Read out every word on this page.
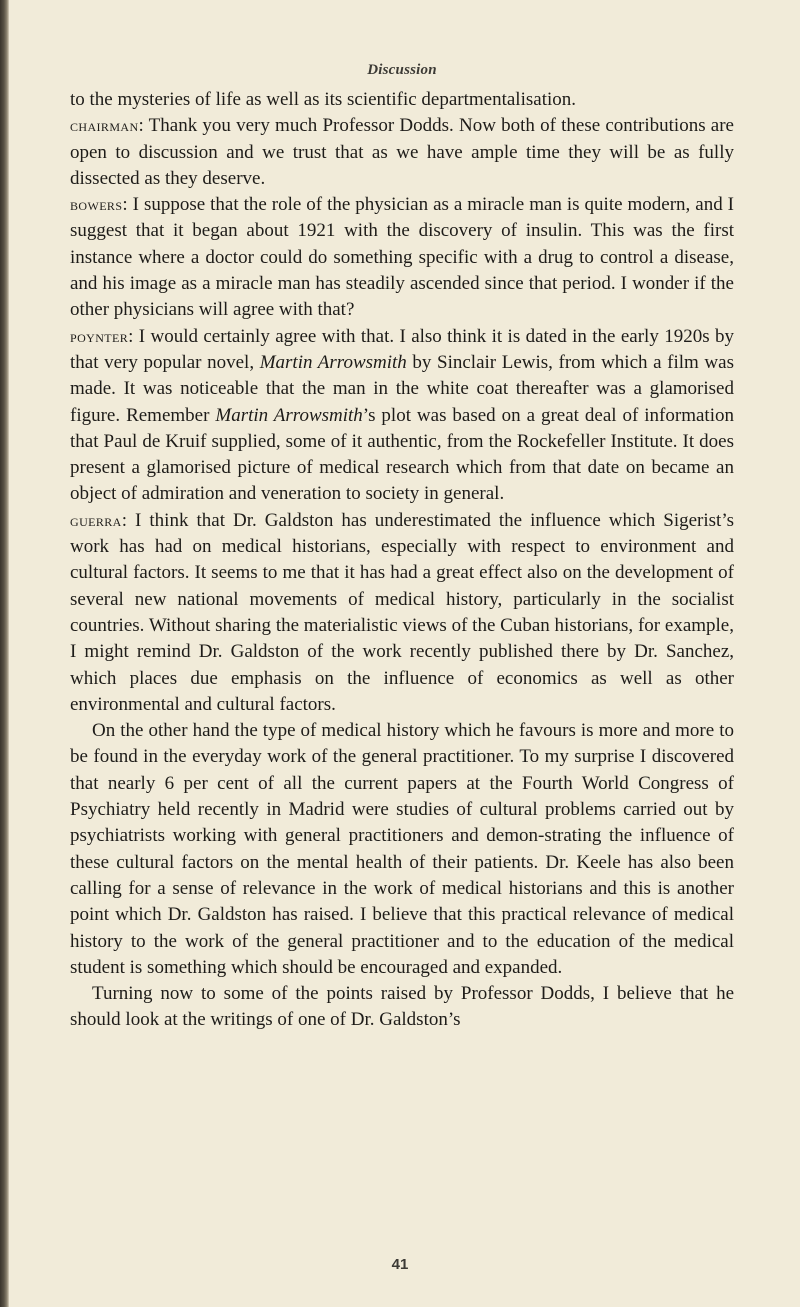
Discussion

to the mysteries of life as well as its scientific departmentalisation.

chairman: Thank you very much Professor Dodds. Now both of these contributions are open to discussion and we trust that as we have ample time they will be as fully dissected as they deserve.

bowers: I suppose that the role of the physician as a miracle man is quite modern, and I suggest that it began about 1921 with the discovery of insulin. This was the first instance where a doctor could do something specific with a drug to control a disease, and his image as a miracle man has steadily ascended since that period. I wonder if the other physicians will agree with that?

poynter: I would certainly agree with that. I also think it is dated in the early 1920s by that very popular novel, Martin Arrowsmith by Sinclair Lewis, from which a film was made. It was noticeable that the man in the white coat thereafter was a glamorised figure. Remember Martin Arrowsmith’s plot was based on a great deal of information that Paul de Kruif supplied, some of it authentic, from the Rockefeller Institute. It does present a glamorised picture of medical research which from that date on became an object of admiration and veneration to society in general.

guerra: I think that Dr. Galdston has underestimated the influence which Sigerist’s work has had on medical historians, especially with respect to environment and cultural factors. It seems to me that it has had a great effect also on the development of several new national movements of medical history, particularly in the socialist countries. Without sharing the materialistic views of the Cuban historians, for example, I might remind Dr. Galdston of the work recently published there by Dr. Sanchez, which places due emphasis on the influence of economics as well as other environmental and cultural factors.

On the other hand the type of medical history which he favours is more and more to be found in the everyday work of the general practitioner. To my surprise I discovered that nearly 6 per cent of all the current papers at the Fourth World Congress of Psychiatry held recently in Madrid were studies of cultural problems carried out by psychiatrists working with general practitioners and demon-strating the influence of these cultural factors on the mental health of their patients. Dr. Keele has also been calling for a sense of relevance in the work of medical historians and this is another point which Dr. Galdston has raised. I believe that this practical relevance of medical history to the work of the general practitioner and to the education of the medical student is something which should be encouraged and expanded.

Turning now to some of the points raised by Professor Dodds, I believe that he should look at the writings of one of Dr. Galdston’s

41
